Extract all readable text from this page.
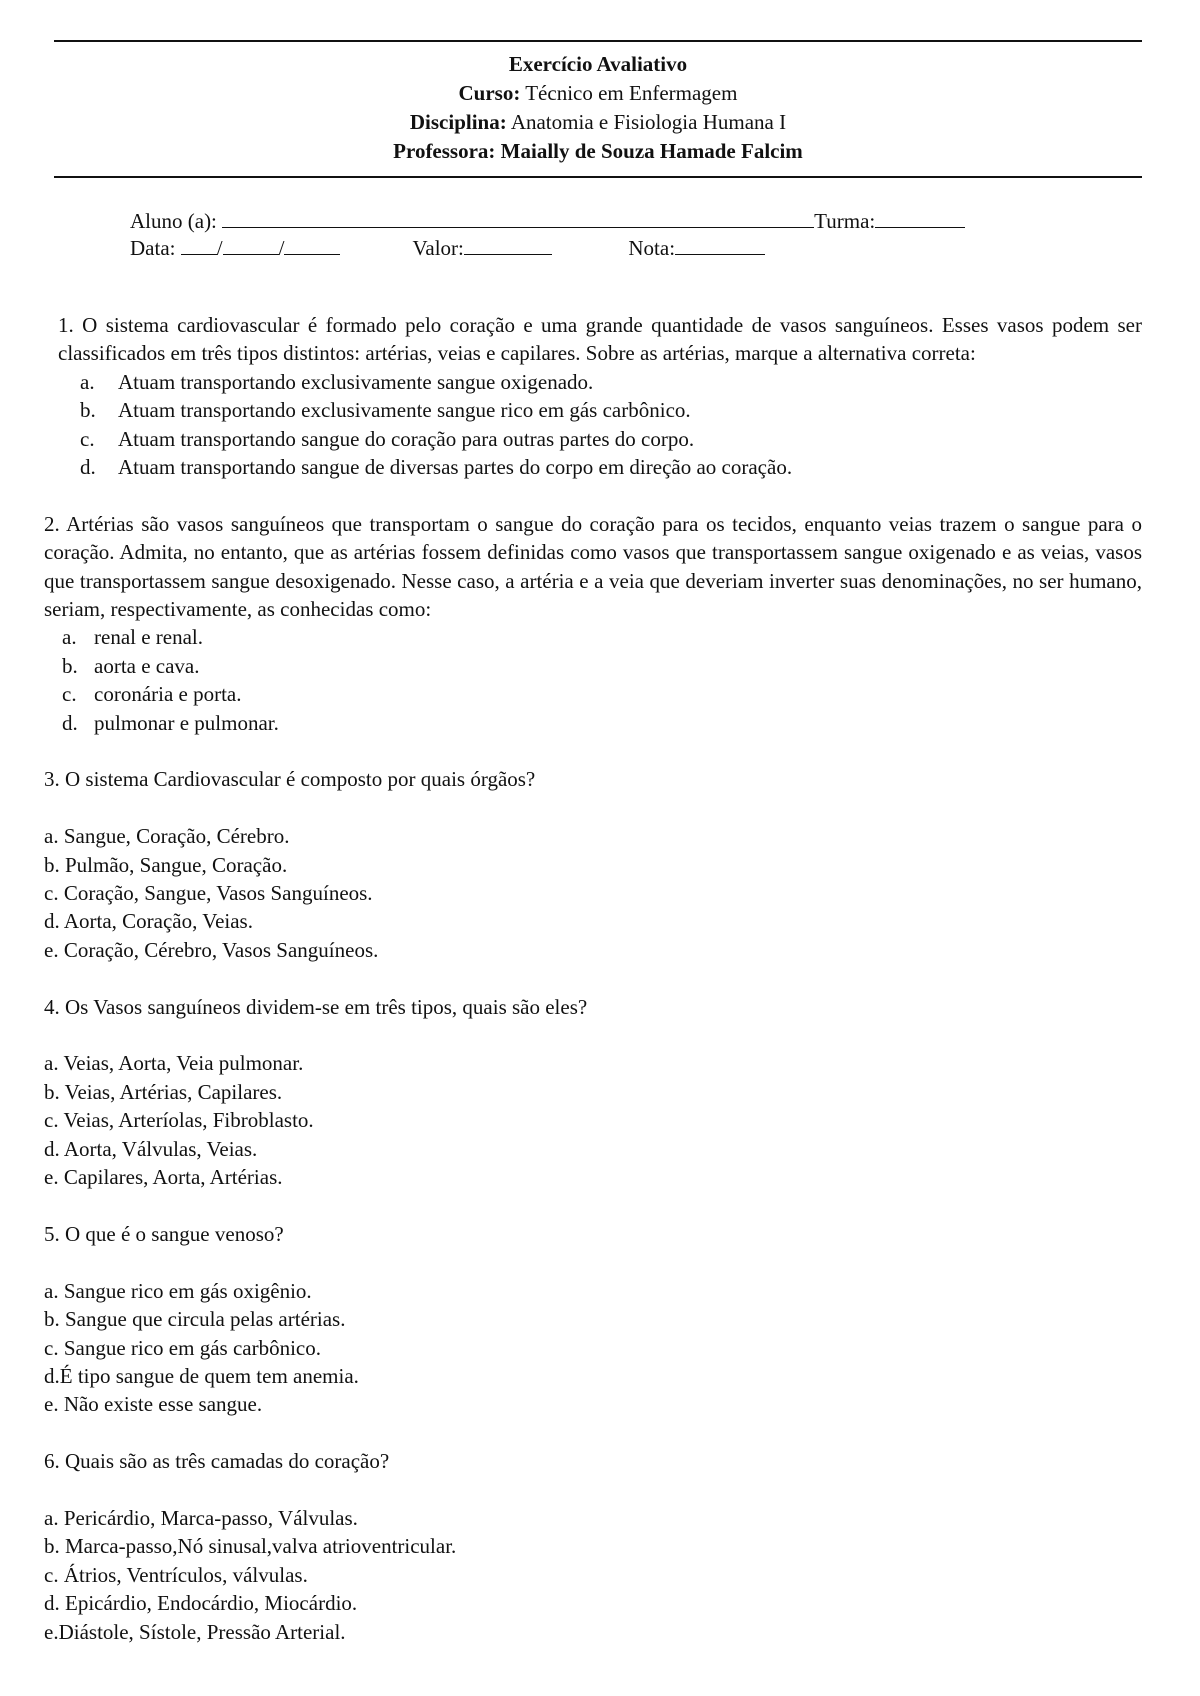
Exercício Avaliativo
Curso: Técnico em Enfermagem
Disciplina: Anatomia e Fisiologia Humana I
Professora: Maially de Souza Hamade Falcim
Aluno (a):	Turma:
Data: /	/	Valor:	Nota:

1. O sistema cardiovascular é formado pelo coração e uma grande quantidade de vasos sanguíneos. Esses vasos podem ser classificados em três tipos distintos: artérias, veias e capilares. Sobre as artérias, marque a alternativa correta:

a.	Atuam transportando exclusivamente sangue oxigenado.
b.	Atuam transportando exclusivamente sangue rico em gás carbônico.
c.	Atuam transportando sangue do coração para outras partes do corpo.
d.	Atuam transportando sangue de diversas partes do corpo em direção ao coração.

2. Artérias são vasos sanguíneos que transportam o sangue do coração para os tecidos, enquanto veias trazem o sangue para o coração. Admita, no entanto, que as artérias fossem definidas como vasos que transportassem sangue oxigenado e as veias, vasos que transportassem sangue desoxigenado. Nesse caso, a artéria e a veia que deveriam inverter suas denominações, no ser humano, seriam, respectivamente, as conhecidas como:

a. renal e renal.
b. aorta e cava.
c. coronária e porta.
d. pulmonar e pulmonar.

3. O sistema Cardiovascular é composto por quais órgãos?

a. Sangue, Coração, Cérebro.
b. Pulmão, Sangue, Coração.
c. Coração, Sangue, Vasos Sanguíneos.
d. Aorta, Coração, Veias.
e. Coração, Cérebro, Vasos Sanguíneos.

4. Os Vasos sanguíneos dividem-se em três tipos, quais são eles?

a. Veias, Aorta, Veia pulmonar.
b. Veias, Artérias, Capilares.
c. Veias, Arteríolas, Fibroblasto.
d. Aorta, Válvulas, Veias.
e. Capilares, Aorta, Artérias.

5. O que é o sangue venoso?

a. Sangue rico em gás oxigênio.
b. Sangue que circula pelas artérias.
c. Sangue rico em gás carbônico.
d.É tipo sangue de quem tem anemia.
e. Não existe esse sangue.

6. Quais são as três camadas do coração?

a. Pericárdio, Marca-passo, Válvulas.
b. Marca-passo,Nó sinusal,valva atrioventricular.
c. Átrios, Ventrículos, válvulas.
d. Epicárdio, Endocárdio, Miocárdio.
e.Diástole, Sístole, Pressão Arterial.
